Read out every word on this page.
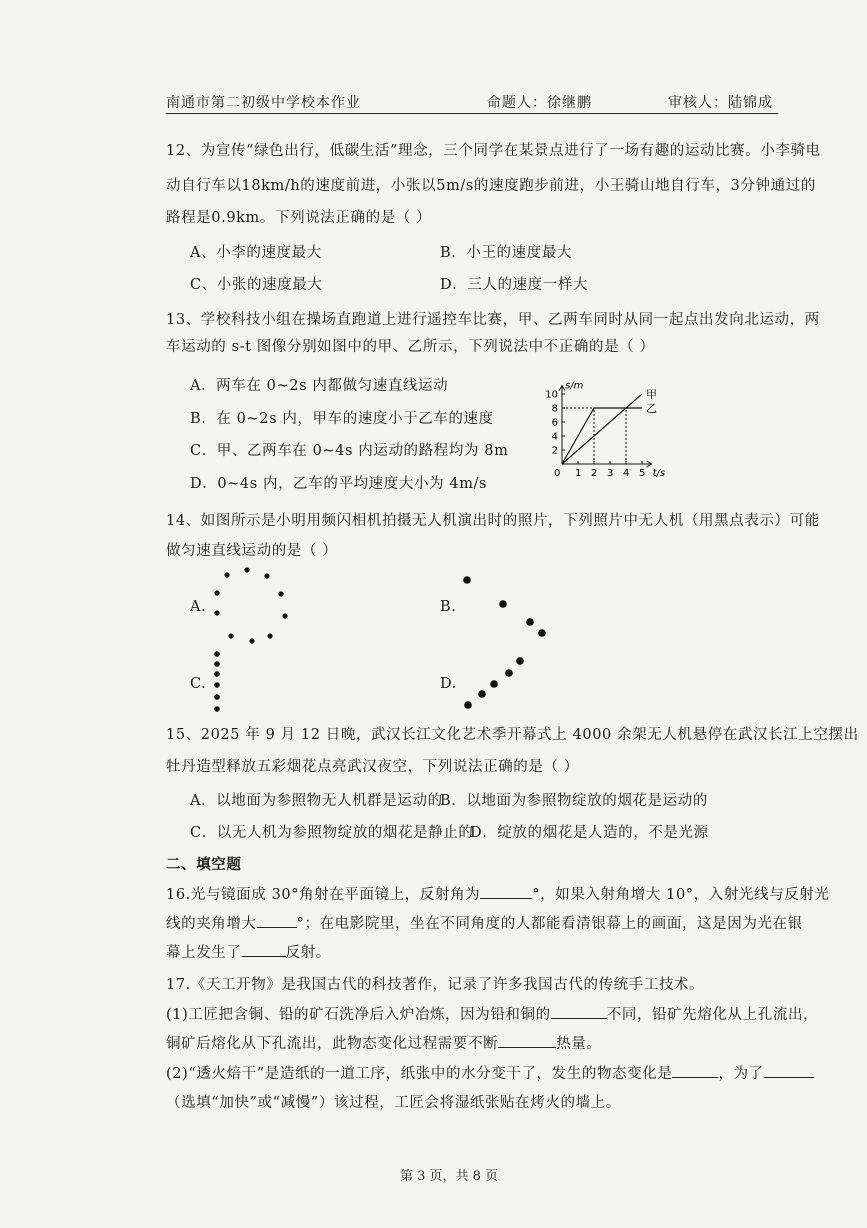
南通市第二初级中学校本作业	命题人：徐继鹏	审核人：陆锦成
12、为宣传“绿色出行，低碳生活”理念，三个同学在某景点进行了一场有趣的运动比赛。小李骑电
动自行车以18km/h的速度前进，小张以5m/s的速度跑步前进，小王骑山地自行车，3分钟通过的
路程是0.9km。下列说法正确的是（ ）
A、小李的速度最大	B．小王的速度最大
C、小张的速度最大	D．三人的速度一样大
13、学校科技小组在操场直跑道上进行遥控车比赛，甲、乙两车同时从同一起点出发向北运动，两
车运动的 s-t 图像分别如图中的甲、乙所示，下列说法中不正确的是（ ）
A．两车在 0~2s 内都做匀速直线运动
B．在 0~2s 内，甲车的速度小于乙车的速度
C．甲、乙两车在 0~4s 内运动的路程均为 8m
D．0~4s 内，乙车的平均速度大小为 4m/s
0 1 2 3 4 5
2
4
6
8
10	甲
乙
s/m
t/s
14、如图所示是小明用频闪相机拍摄无人机演出时的照片，下列照片中无人机（用黑点表示）可能
做匀速直线运动的是（ ）
A.	B.
C.	D.
15、2025 年 9 月 12 日晚，武汉长江文化艺术季开幕式上 4000 余架无人机悬停在武汉长江上空摆出
牡丹造型释放五彩烟花点亮武汉夜空，下列说法正确的是（ ）
A．以地面为参照物无人机群是运动的
B．以地面为参照物绽放的烟花是运动的
C．以无人机为参照物绽放的烟花是静止的
D．绽放的烟花是人造的，不是光源
二、填空题
16.光与镜面成 30°角射在平面镜上，反射角为	°，如果入射角增大 10°，入射光线与反射光
线的夹角增大	°；在电影院里，坐在不同角度的人都能看清银幕上的画面，这是因为光在银
幕上发生了	反射。
17.《天工开物》是我国古代的科技著作，记录了许多我国古代的传统手工技术。
(1)工匠把含铜、铅的矿石洗净后入炉冶炼，因为铅和铜的	不同，铅矿先熔化从上孔流出，
铜矿后熔化从下孔流出，此物态变化过程需要不断	热量。
(2)“透火焙干”是造纸的一道工序，纸张中的水分变干了，发生的物态变化是	，为了
（选填“加快”或“减慢”）该过程，工匠会将湿纸张贴在烤火的墙上。
第 3 页，共 8 页
